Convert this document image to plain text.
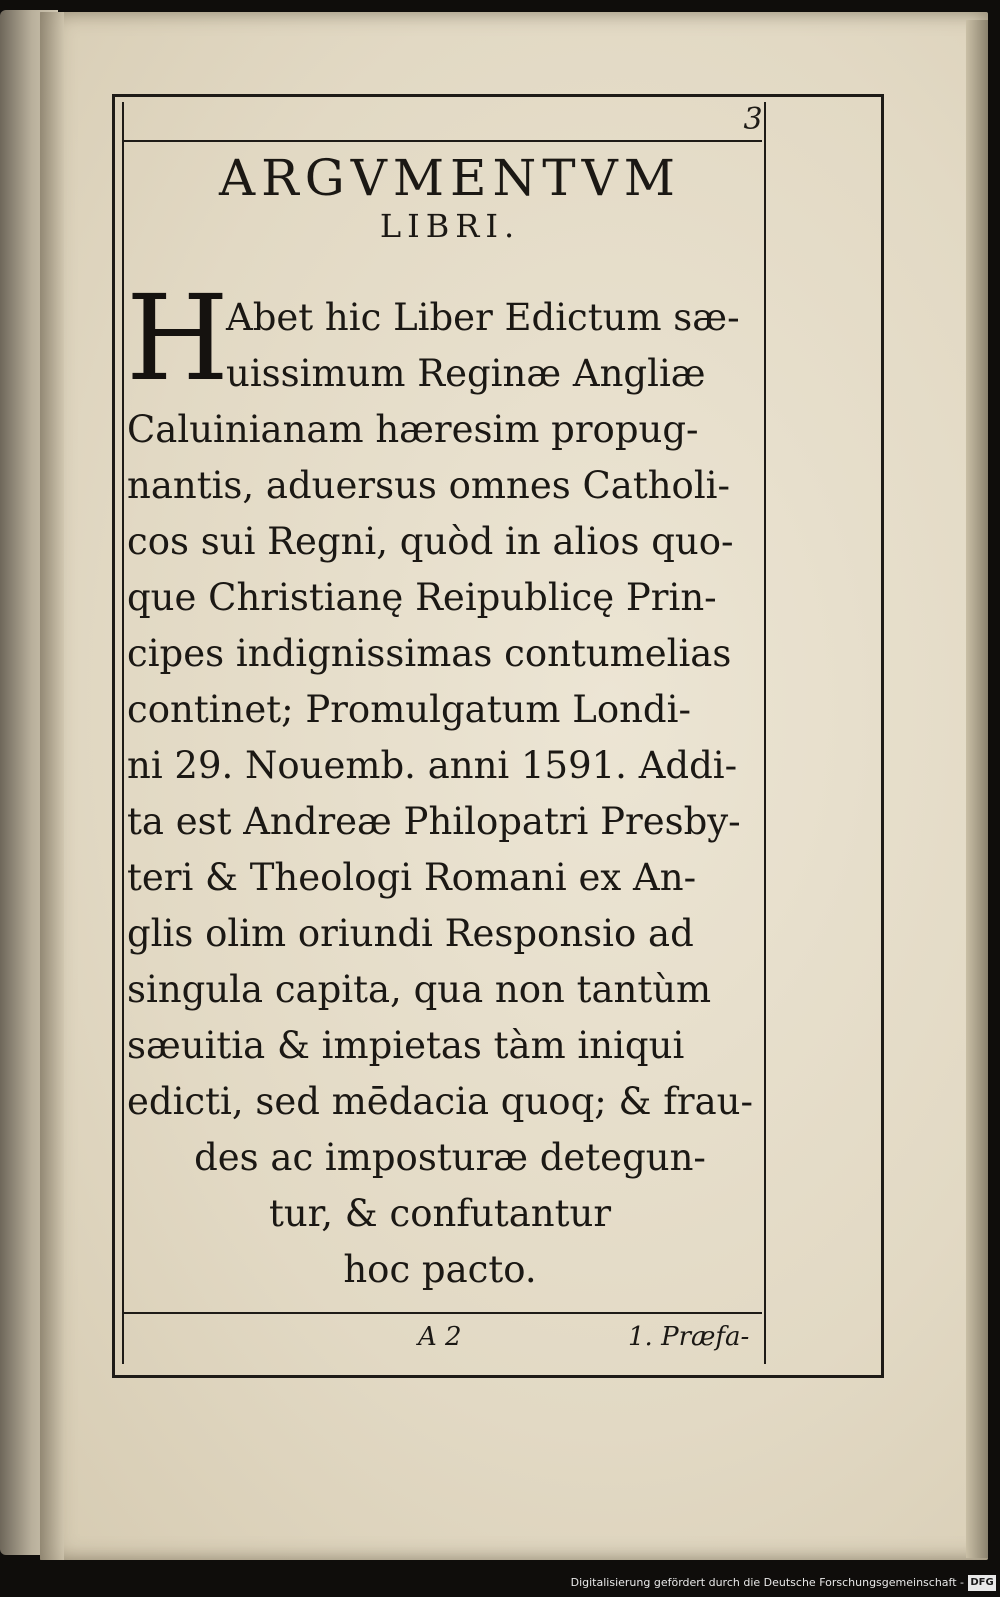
3
ARGVMENTVM
LIBRI.
H
Abet hic Liber Edictum sæ-
uissimum Reginæ Angliæ
Caluinianam hæresim propug-
nantis, aduersus omnes Catholi-
cos sui Regni, quòd in alios quo-
que Christianę Reipublicę Prin-
cipes indignissimas contumelias
continet; Promulgatum Londi-
ni 29. Nouemb. anni 1591. Addi-
ta est Andreæ Philopatri Presby-
teri & Theologi Romani ex An-
glis olim oriundi Responsio ad
singula capita, qua non tantùm
sæuitia & impietas tàm iniqui
edicti, sed mēdacia quoq; & frau-
des ac imposturæ detegun-
tur, & confutantur
hoc pacto.
A 2	1. Præfa-
Digitalisierung gefördert durch die Deutsche Forschungsgemeinschaft - DFG
